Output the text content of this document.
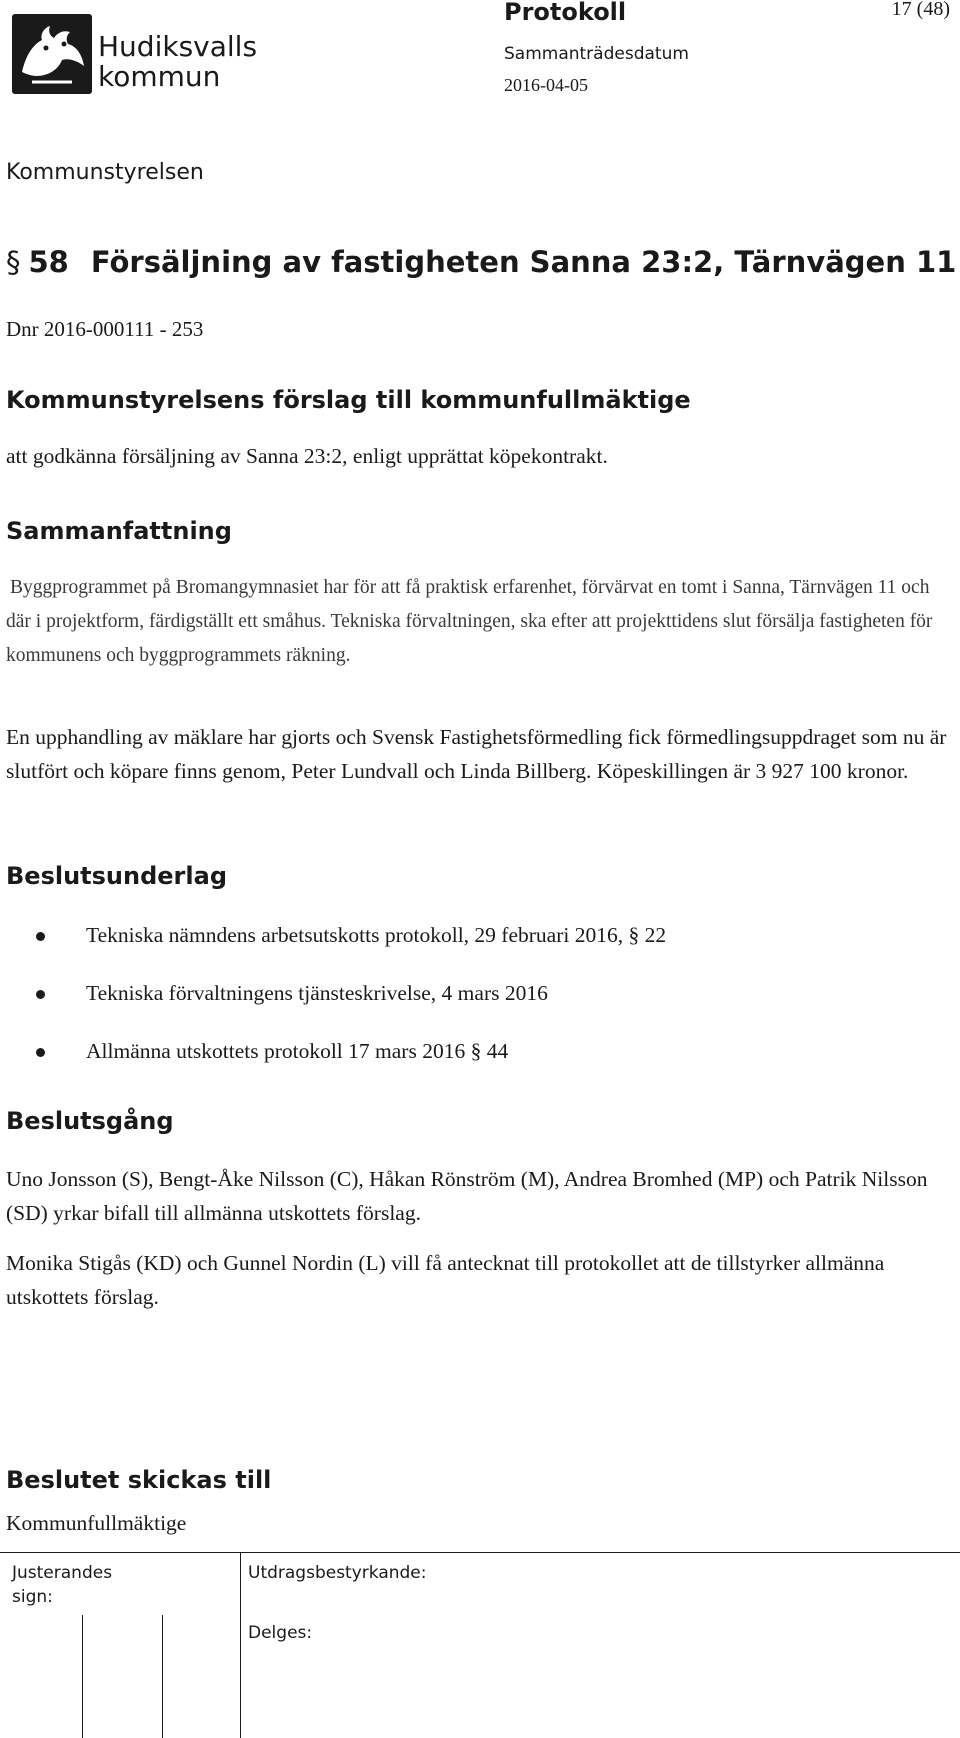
Hudiksvalls
kommun
Protokoll	17 (48)
Sammanträdesdatum
2016-04-05
Kommunstyrelsen
§ 58 Försäljning av fastigheten Sanna 23:2, Tärnvägen 11
Dnr 2016-000111 - 253
Kommunstyrelsens förslag till kommunfullmäktige
att godkänna försäljning av Sanna 23:2, enligt upprättat köpekontrakt.
Sammanfattning
Byggprogrammet på Bromangymnasiet har för att få praktisk erfarenhet, förvärvat en tomt i Sanna, Tärnvägen 11 och där i projektform, färdigställt ett småhus. Tekniska förvaltningen, ska efter att projekttidens slut försälja fastigheten för kommunens och byggprogrammets räkning.
En upphandling av mäklare har gjorts och Svensk Fastighetsförmedling fick förmedlingsuppdraget som nu är slutfört och köpare finns genom, Peter Lundvall och Linda Billberg. Köpeskillingen är 3 927 100 kronor.
Beslutsunderlag
Tekniska nämndens arbetsutskotts protokoll, 29 februari 2016, § 22
Tekniska förvaltningens tjänsteskrivelse, 4 mars 2016
Allmänna utskottets protokoll 17 mars 2016 § 44
Beslutsgång
Uno Jonsson (S), Bengt-Åke Nilsson (C), Håkan Rönström (M), Andrea Bromhed (MP) och Patrik Nilsson (SD) yrkar bifall till allmänna utskottets förslag.
Monika Stigås (KD) och Gunnel Nordin (L) vill få antecknat till protokollet att de tillstyrker allmänna utskottets förslag.
Beslutet skickas till
Kommunfullmäktige
Justerandes sign:
Utdragsbestyrkande:
Delges:
